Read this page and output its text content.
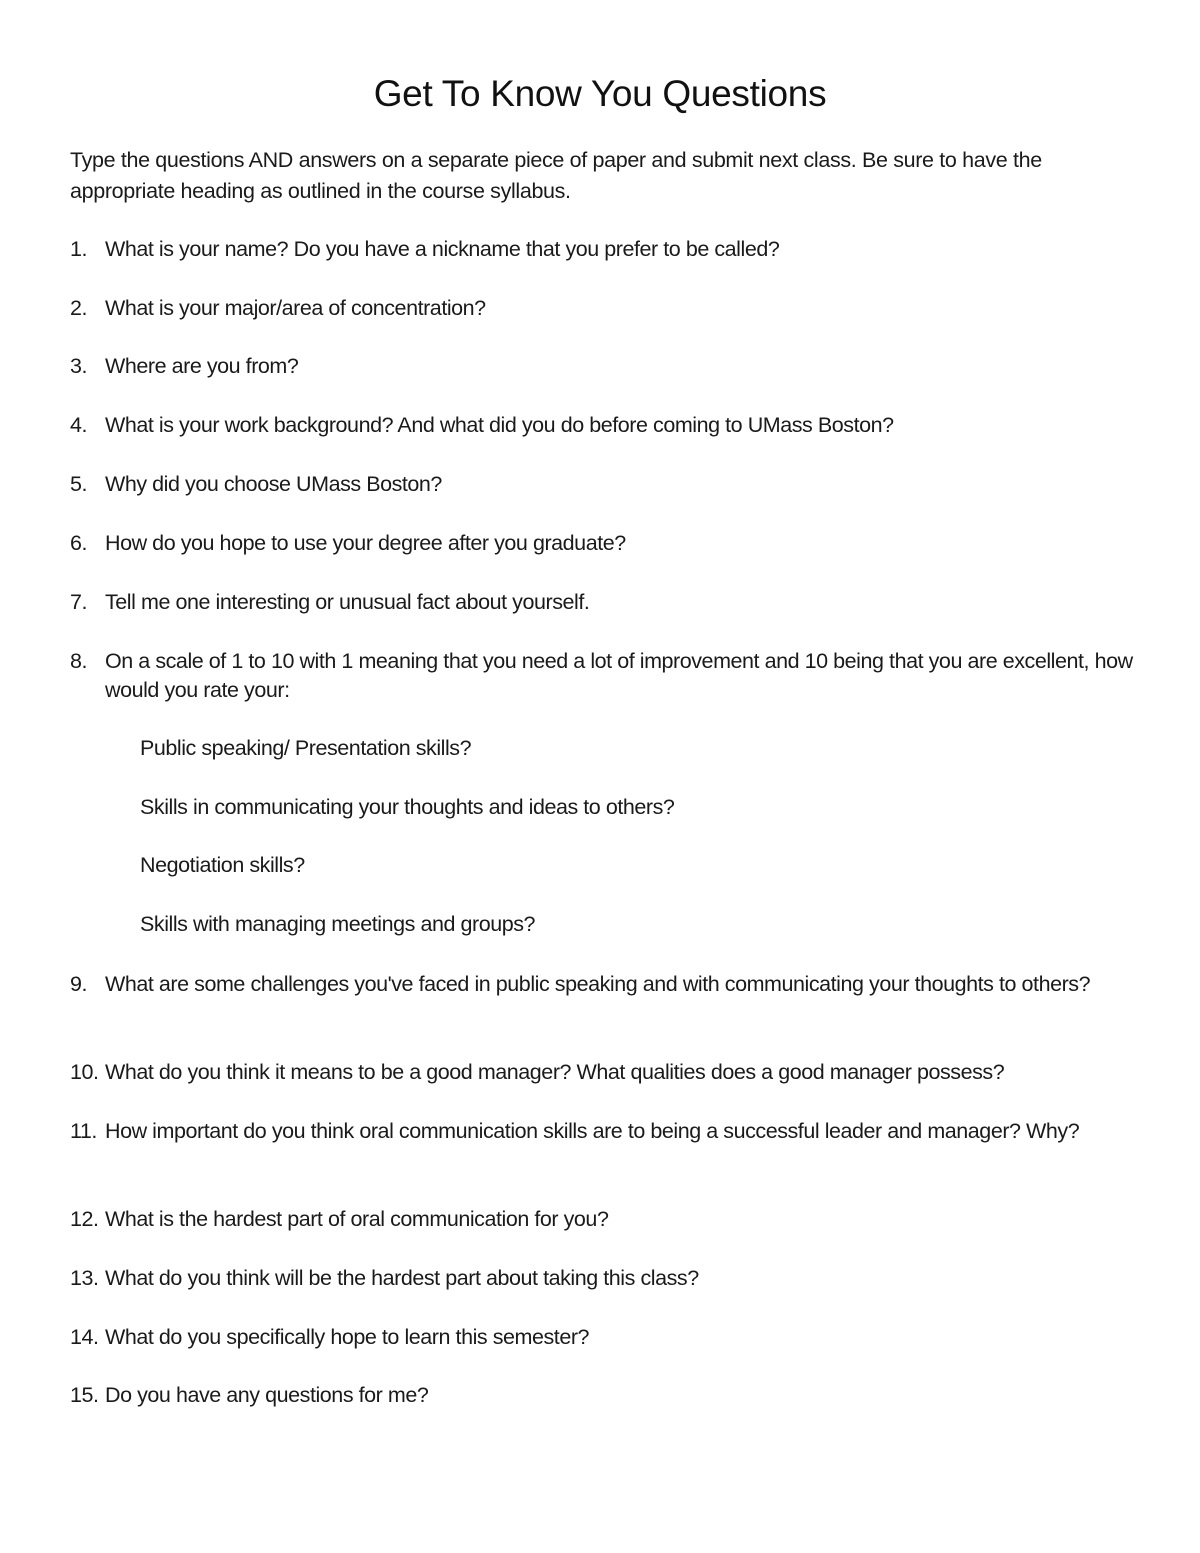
Get To Know You Questions
Type the questions AND answers on a separate piece of paper and submit next class. Be sure to have the appropriate heading as outlined in the course syllabus.
1. What is your name? Do you have a nickname that you prefer to be called?
2. What is your major/area of concentration?
3. Where are you from?
4. What is your work background? And what did you do before coming to UMass Boston?
5. Why did you choose UMass Boston?
6. How do you hope to use your degree after you graduate?
7. Tell me one interesting or unusual fact about yourself.
8. On a scale of 1 to 10 with 1 meaning that you need a lot of improvement and 10 being that you are excellent, how would you rate your:
Public speaking/ Presentation skills?
Skills in communicating your thoughts and ideas to others?
Negotiation skills?
Skills with managing meetings and groups?
9. What are some challenges you've faced in public speaking and with communicating your thoughts to others?
10. What do you think it means to be a good manager? What qualities does a good manager possess?
11. How important do you think oral communication skills are to being a successful leader and manager? Why?
12. What is the hardest part of oral communication for you?
13. What do you think will be the hardest part about taking this class?
14. What do you specifically hope to learn this semester?
15. Do you have any questions for me?
